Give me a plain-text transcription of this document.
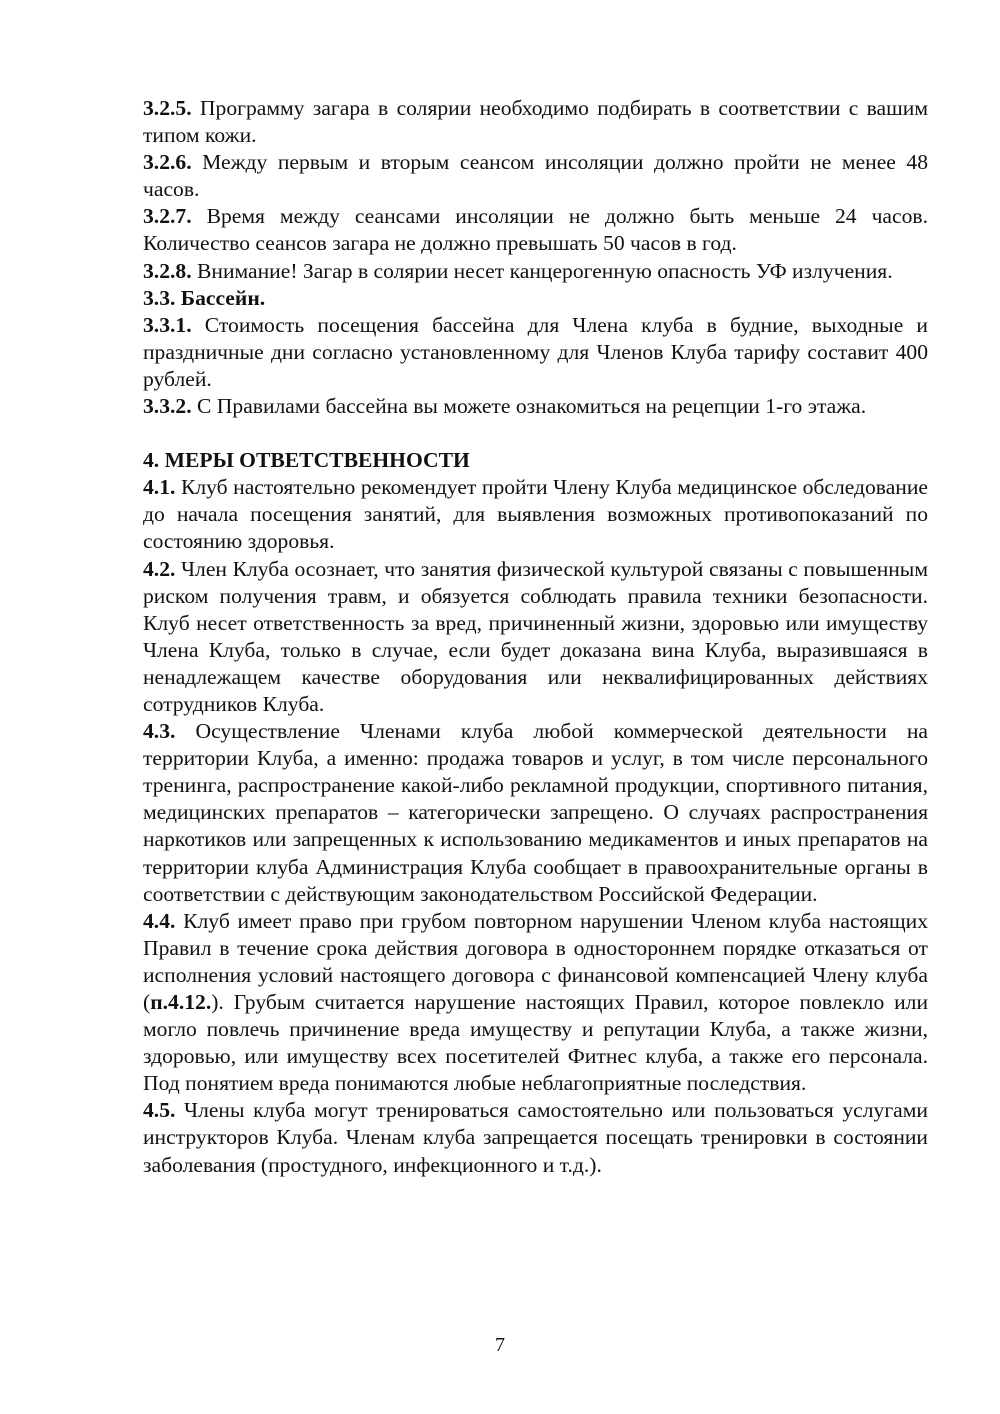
3.2.5. Программу загара в солярии необходимо подбирать в соответствии с вашим типом кожи.

3.2.6. Между первым и вторым сеансом инсоляции должно пройти не менее 48 часов.

3.2.7. Время между сеансами инсоляции не должно быть меньше 24 часов. Количество сеансов загара не должно превышать 50 часов в год.

3.2.8. Внимание! Загар в солярии несет канцерогенную опасность УФ излучения.

3.3. Бассейн.

3.3.1. Стоимость посещения бассейна для Члена клуба в будние, выходные и праздничные дни согласно установленному для Членов Клуба тарифу составит 400 рублей.

3.3.2. С Правилами бассейна вы можете ознакомиться на рецепции 1-го этажа.

4. МЕРЫ ОТВЕТСТВЕННОСТИ

4.1. Клуб настоятельно рекомендует пройти Члену Клуба медицинское обследование до начала посещения занятий, для выявления возможных противопоказаний по состоянию здоровья.

4.2. Член Клуба осознает, что занятия физической культурой связаны с повышенным риском получения травм, и обязуется соблюдать правила техники безопасности. Клуб несет ответственность за вред, причиненный жизни, здоровью или имуществу Члена Клуба, только в случае, если будет доказана вина Клуба, выразившаяся в ненадлежащем качестве оборудования или неквалифицированных действиях сотрудников Клуба.

4.3. Осуществление Членами клуба любой коммерческой деятельности на территории Клуба, а именно: продажа товаров и услуг, в том числе персонального тренинга, распространение какой-либо рекламной продукции, спортивного питания, медицинских препаратов – категорически запрещено. О случаях распространения наркотиков или запрещенных к использованию медикаментов и иных препаратов на территории клуба Администрация Клуба сообщает в правоохранительные органы в соответствии с действующим законодательством Российской Федерации.

4.4. Клуб имеет право при грубом повторном нарушении Членом клуба настоящих Правил в течение срока действия договора в одностороннем порядке отказаться от исполнения условий настоящего договора с финансовой компенсацией Члену клуба (п.4.12.). Грубым считается нарушение настоящих Правил, которое повлекло или могло повлечь причинение вреда имуществу и репутации Клуба, а также жизни, здоровью, или имуществу всех посетителей Фитнес клуба, а также его персонала. Под понятием вреда понимаются любые неблагоприятные последствия.

4.5. Члены клуба могут тренироваться самостоятельно или пользоваться услугами инструкторов Клуба. Членам клуба запрещается посещать тренировки в состоянии заболевания (простудного, инфекционного и т.д.).

7
